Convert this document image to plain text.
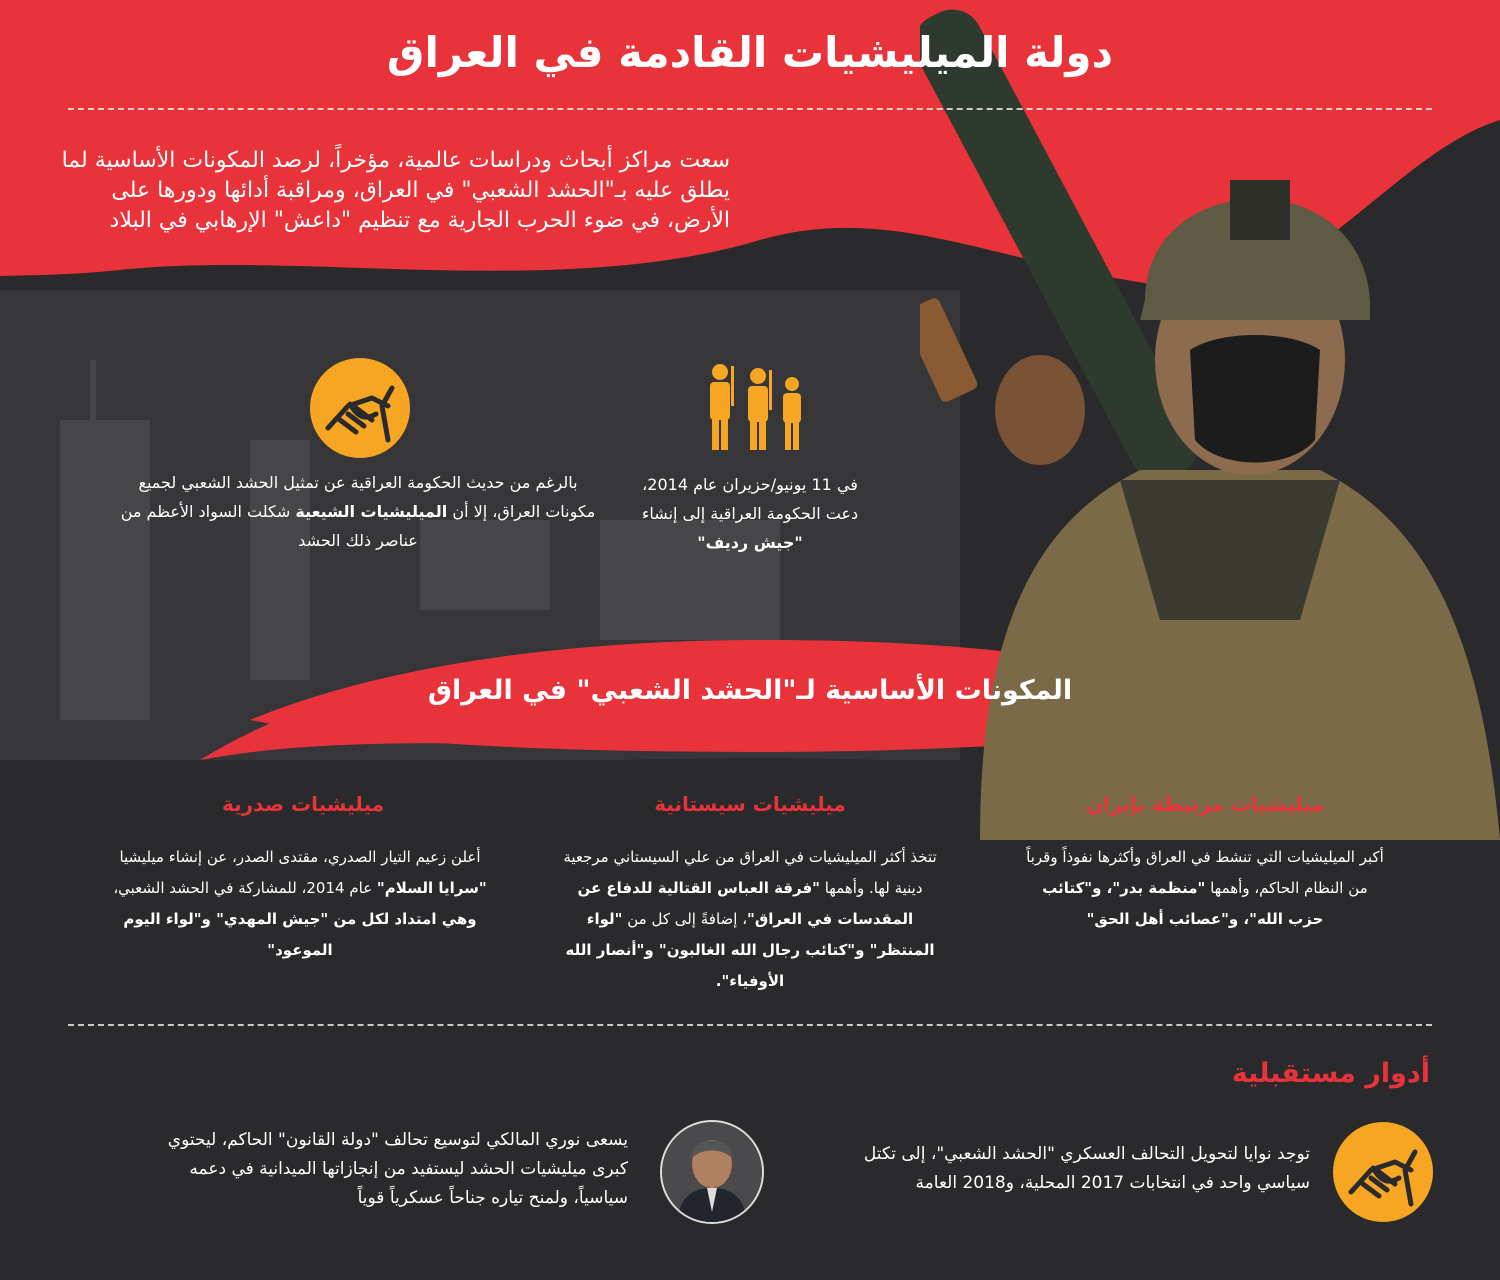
دولة الميليشيات القادمة في العراق
سعت مراكز أبحاث ودراسات عالمية، مؤخراً، لرصد المكونات الأساسية لما يطلق عليه بـ"الحشد الشعبي" في العراق، ومراقبة أدائها ودورها على الأرض، في ضوء الحرب الجارية مع تنظيم "داعش" الإرهابي في البلاد
في 11 يونيو/حزيران عام 2014، دعت الحكومة العراقية إلى إنشاء "جيش رديف"
بالرغم من حديث الحكومة العراقية عن تمثيل الحشد الشعبي لجميع مكونات العراق، إلا أن الميليشيات الشيعية شكلت السواد الأعظم من عناصر ذلك الحشد
المكونات الأساسية لـ"الحشد الشعبي" في العراق
ميليشيات مرتبطة بإيران
أكبر الميليشيات التي تنشط في العراق وأكثرها نفوذاً وقرباً من النظام الحاكم، وأهمها "منظمة بدر"، و"كتائب حزب الله"، و"عصائب أهل الحق"
ميليشيات سيستانية
تتخذ أكثر الميليشيات في العراق من علي السيستاني مرجعية دينية لها. وأهمها "فرقة العباس القتالية للدفاع عن المقدسات في العراق"، إضافةً إلى كل من "لواء المنتظر" و"كتائب رجال الله الغالبون" و"أنصار الله الأوفياء".
ميليشيات صدرية
أعلن زعيم التيار الصدري، مقتدى الصدر، عن إنشاء ميليشيا "سرايا السلام" عام 2014، للمشاركة في الحشد الشعبي، وهي امتداد لكل من "جيش المهدي" و"لواء اليوم الموعود"
أدوار مستقبلية
توجد نوايا لتحويل التحالف العسكري "الحشد الشعبي"، إلى تكتل سياسي واحد في انتخابات 2017 المحلية، و2018 العامة
يسعى نوري المالكي لتوسيع تحالف "دولة القانون" الحاكم، ليحتوي كبرى ميليشيات الحشد ليستفيد من إنجازاتها الميدانية في دعمه سياسياً، ولمنح تياره جناحاً عسكرياً قوياً
